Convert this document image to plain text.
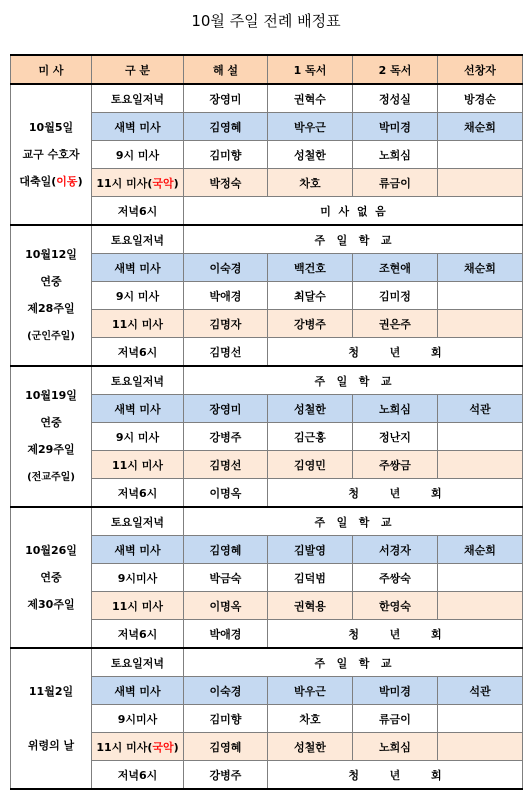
10월 주일 전례 배정표
미 사	구 분	해 설	1 독서	2 독서	선창자

10월5일
교구 수호자
대축일(이동)	토요일저녁	장영미	권혁수	정성실	방경순
	새벽 미사	김영혜	박우근	박미경	채순희
	9시 미사	김미향	성철한	노희심	
	11시 미사(국악)	박정숙	차호	류금이	
	저녁6시	미  사  없  음			

10월12일
연중
제28주일
(군인주일)	토요일저녁	주   일   학   교			
	새벽 미사	이숙경	백건호	조현애	채순희
	9시 미사	박애경	최달수	김미정	
	11시 미사	김명자	강병주	권은주	
	저녁6시	김명선	청        년        회		

10월19일
연중
제29주일
(전교주일)	토요일저녁	주   일   학   교			
	새벽 미사	장영미	성철한	노희심	석관
	9시 미사	강병주	김근홍	정난지	
	11시 미사	김명선	김영민	주쌍금	
	저녁6시	이명옥	청        년        회		

10월26일
연중
제30주일	토요일저녁	주   일   학   교			
	새벽 미사	김영혜	김발영	서경자	채순희
	9시미사	박금숙	김덕범	주쌍숙	
	11시 미사	이명옥	권혁용	한영숙	
	저녁6시	박애경	청        년        회		

11월2일

위령의 날	토요일저녁	주   일   학   교			
	새벽 미사	이숙경	박우근	박미경	석관
	9시미사	김미향	차호	류금이	
	11시 미사(국악)	김영혜	성철한	노희심	
	저녁6시	강병주	청        년        회		
